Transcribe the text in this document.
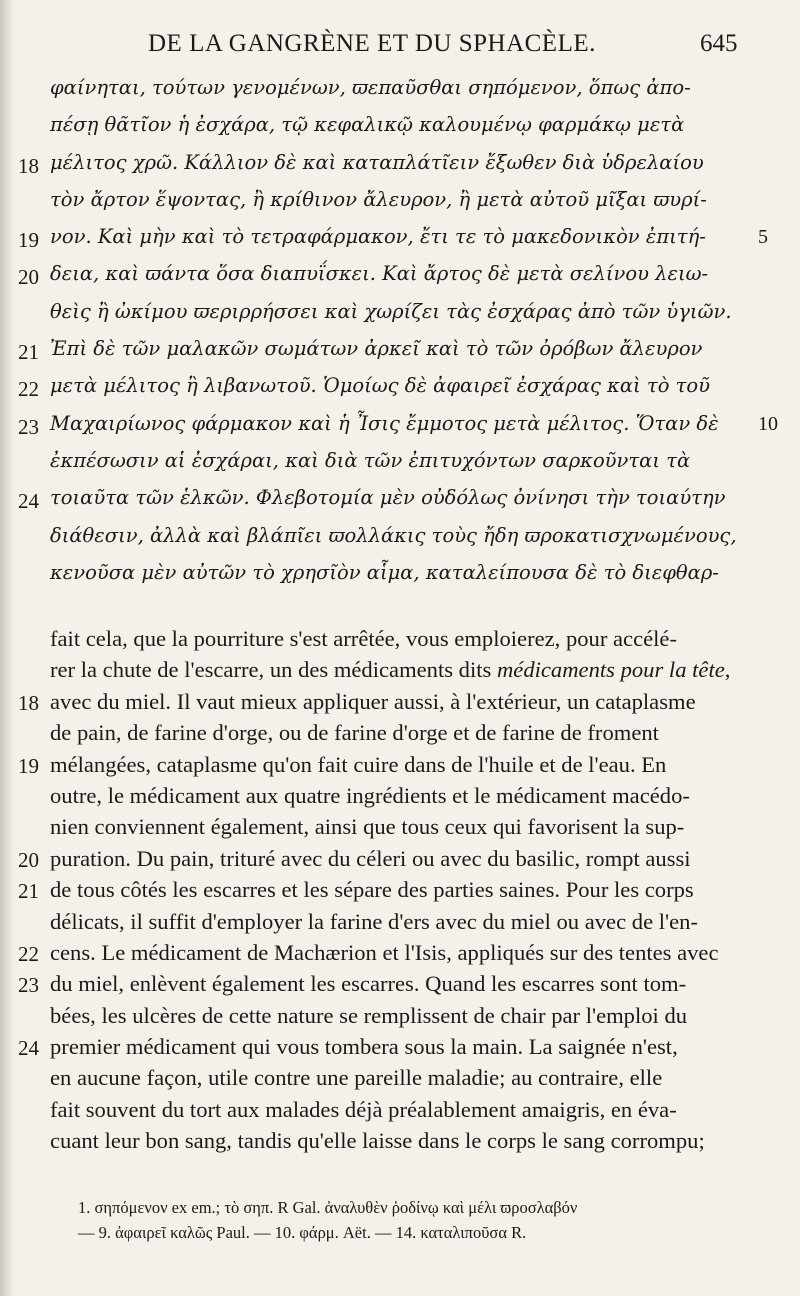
DE LA GANGRÈNE ET DU SPHACÈLE.	645
φαίνηται, τούτων γενομένων, ϖεπαῦσθαι σηπόμενον, ὅπως ἀπο-
πέσῃ θᾶτῖον ἡ ἐσχάρα, τῷ κεφαλικῷ καλουμένῳ φαρμάκῳ μετὰ
18 μέλιτος χρῶ. Κάλλιον δὲ καὶ καταπλάτῖειν ἔξωθεν διὰ ὑδρελαίου
τὸν ἄρτον ἕψοντας, ἢ κρίθινον ἄλευρον, ἢ μετὰ αὐτοῦ μῖξαι ϖυρί-
19 νον. Καὶ μὴν καὶ τὸ τετραφάρμακον, ἔτι τε τὸ μακεδονικὸν ἐπιτή-	5
20 δεια, καὶ ϖάντα ὅσα διαπυΐσκει. Καὶ ἄρτος δὲ μετὰ σελίνου λειω-
θεὶς ἢ ὠκίμου ϖεριρρήσσει καὶ χωρίζει τὰς ἐσχάρας ἀπὸ τῶν ὑγιῶν.
21 Ἐπὶ δὲ τῶν μαλακῶν σωμάτων ἀρκεῖ καὶ τὸ τῶν ὀρόβων ἄλευρον
22 μετὰ μέλιτος ἢ λιβανωτοῦ. Ὁμοίως δὲ ἀφαιρεῖ ἐσχάρας καὶ τὸ τοῦ
23 Μαχαιρίωνος φάρμακον καὶ ἡ Ἶσις ἔμμοτος μετὰ μέλιτος. Ὅταν δὲ 10
ἐκπέσωσιν αἱ ἐσχάραι, καὶ διὰ τῶν ἐπιτυχόντων σαρκοῦνται τὰ
24 τοιαῦτα τῶν ἑλκῶν. Φλεβοτομία μὲν οὐδόλως ὀνίνησι τὴν τοιαύτην
διάθεσιν, ἀλλὰ καὶ βλάπῖει ϖολλάκις τοὺς ἤδη ϖροκατισχνωμένους,
κενοῦσα μὲν αὐτῶν τὸ χρησῖὸν αἷμα, καταλείπουσα δὲ τὸ διεφθαρ-
fait cela, que la pourriture s'est arrêtée, vous emploierez, pour accélé-
rer la chute de l'escarre, un des médicaments dits médicaments pour la tête,
18 avec du miel. Il vaut mieux appliquer aussi, à l'extérieur, un cataplasme
de pain, de farine d'orge, ou de farine d'orge et de farine de froment
19 mélangées, cataplasme qu'on fait cuire dans de l'huile et de l'eau. En
outre, le médicament aux quatre ingrédients et le médicament macédo-
nien conviennent également, ainsi que tous ceux qui favorisent la sup-
20 puration. Du pain, trituré avec du céleri ou avec du basilic, rompt aussi
21 de tous côtés les escarres et les sépare des parties saines. Pour les corps
délicats, il suffit d'employer la farine d'ers avec du miel ou avec de l'en-
22 cens. Le médicament de Machærion et l'Isis, appliqués sur des tentes avec
23 du miel, enlèvent également les escarres. Quand les escarres sont tom-
bées, les ulcères de cette nature se remplissent de chair par l'emploi du
24 premier médicament qui vous tombera sous la main. La saignée n'est,
en aucune façon, utile contre une pareille maladie; au contraire, elle
fait souvent du tort aux malades déjà préalablement amaigris, en éva-
cuant leur bon sang, tandis qu'elle laisse dans le corps le sang corrompu;
1. σηπόμενον ex em.; τὸ σηπ. R Gal. ἀναλυθὲν ῥοδίνῳ καὶ μέλι ϖροσλαβόν
— 9. ἀφαιρεῖ καλῶς Paul. — 10. φάρμ. Aët. — 14. καταλιποῦσα R.
